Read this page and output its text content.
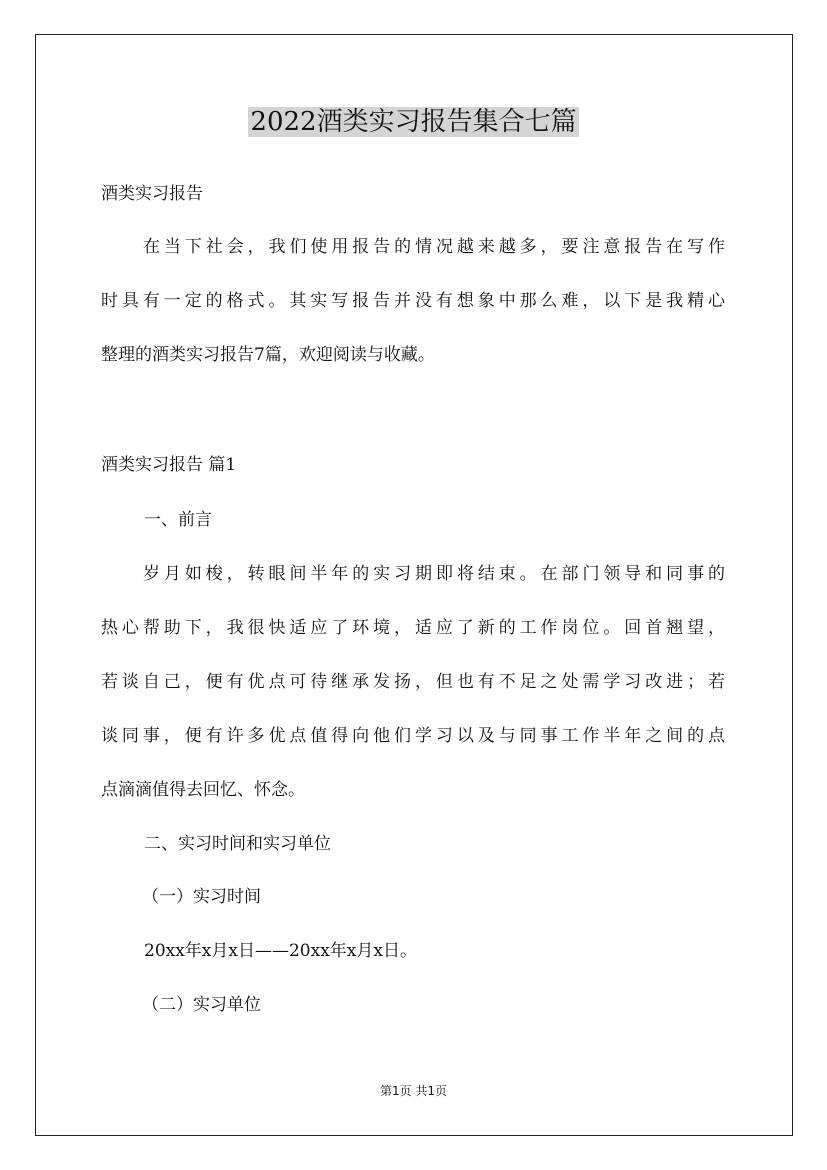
2022酒类实习报告集合七篇

酒类实习报告

在当下社会，我们使用报告的情况越来越多，要注意报告在写作

时具有一定的格式。其实写报告并没有想象中那么难，以下是我精心

整理的酒类实习报告7篇，欢迎阅读与收藏。

酒类实习报告 篇1

一、前言

岁月如梭，转眼间半年的实习期即将结束。在部门领导和同事的

热心帮助下，我很快适应了环境，适应了新的工作岗位。回首翘望，

若谈自己，便有优点可待继承发扬，但也有不足之处需学习改进；若

谈同事，便有许多优点值得向他们学习以及与同事工作半年之间的点

点滴滴值得去回忆、怀念。

二、实习时间和实习单位

（一）实习时间

20xx年x月x日——20xx年x月x日。

（二）实习单位

第1页 共1页
